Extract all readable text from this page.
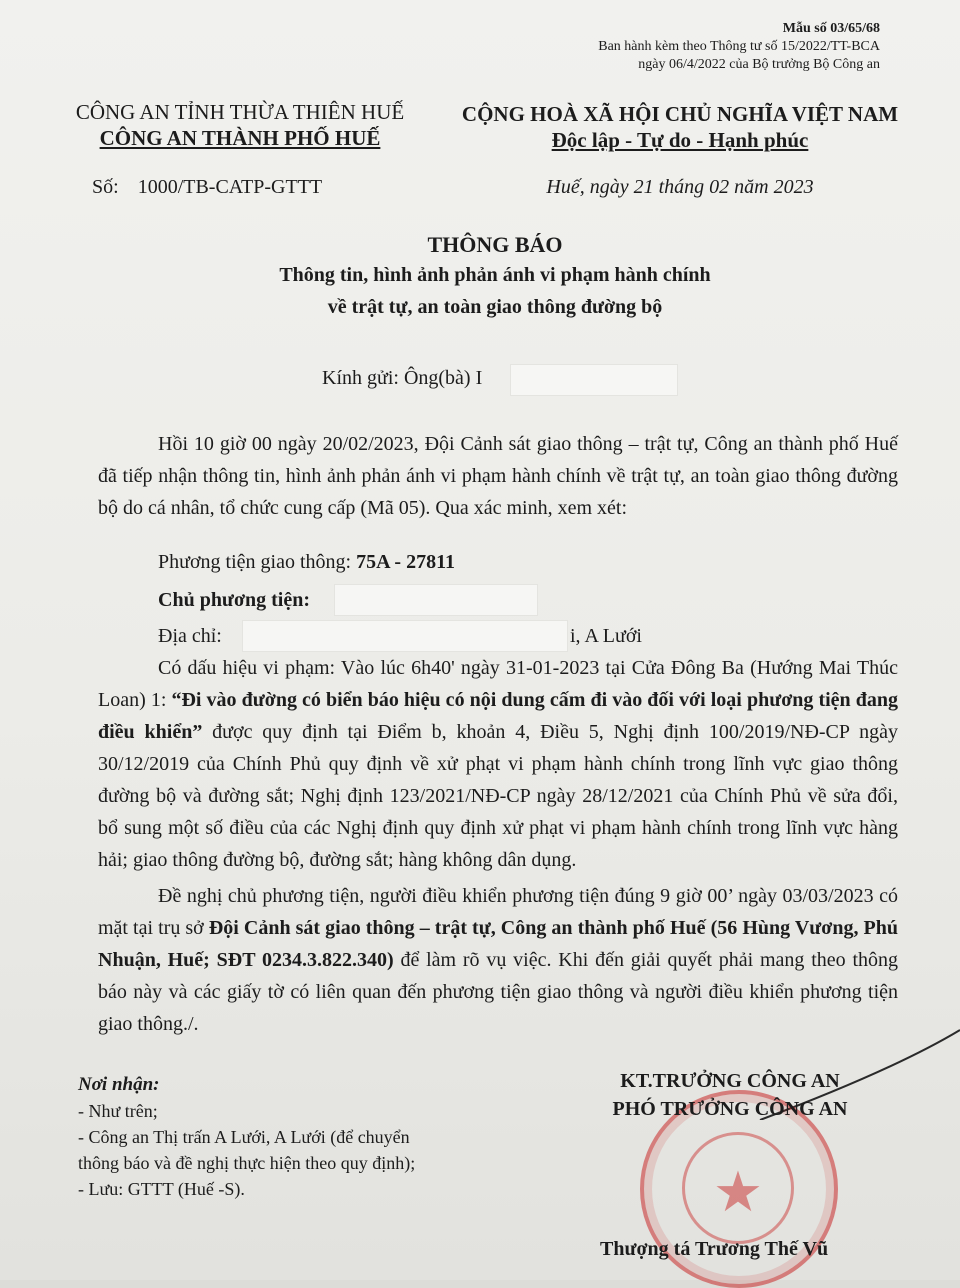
Mẫu số 03/65/68
Ban hành kèm theo Thông tư số 15/2022/TT-BCA
ngày 06/4/2022 của Bộ trưởng Bộ Công an
CÔNG AN TỈNH THỪA THIÊN HUẾ
CÔNG AN THÀNH PHỐ HUẾ
Số: 1000/TB-CATP-GTTT
CỘNG HOÀ XÃ HỘI CHỦ NGHĨA VIỆT NAM
Độc lập - Tự do - Hạnh phúc
Huế, ngày 21 tháng 02 năm 2023
THÔNG BÁO
Thông tin, hình ảnh phản ánh vi phạm hành chính
về trật tự, an toàn giao thông đường bộ
Kính gửi: Ông(bà) I
Hồi 10 giờ 00 ngày 20/02/2023, Đội Cảnh sát giao thông – trật tự, Công an thành phố Huế đã tiếp nhận thông tin, hình ảnh phản ánh vi phạm hành chính về trật tự, an toàn giao thông đường bộ do cá nhân, tổ chức cung cấp (Mã 05). Qua xác minh, xem xét:
Phương tiện giao thông: 75A - 27811
Chủ phương tiện:
Địa chỉ:	i, A Lưới
Có dấu hiệu vi phạm: Vào lúc 6h40' ngày 31-01-2023 tại Cửa Đông Ba (Hướng Mai Thúc Loan) 1: “Đi vào đường có biển báo hiệu có nội dung cấm đi vào đối với loại phương tiện đang điều khiển” được quy định tại Điểm b, khoản 4, Điều 5, Nghị định 100/2019/NĐ-CP ngày 30/12/2019 của Chính Phủ quy định về xử phạt vi phạm hành chính trong lĩnh vực giao thông đường bộ và đường sắt; Nghị định 123/2021/NĐ-CP ngày 28/12/2021 của Chính Phủ về sửa đổi, bổ sung một số điều của các Nghị định quy định xử phạt vi phạm hành chính trong lĩnh vực hàng hải; giao thông đường bộ, đường sắt; hàng không dân dụng.
Đề nghị chủ phương tiện, người điều khiển phương tiện đúng 9 giờ 00’ ngày 03/03/2023 có mặt tại trụ sở Đội Cảnh sát giao thông – trật tự, Công an thành phố Huế (56 Hùng Vương, Phú Nhuận, Huế; SĐT 0234.3.822.340) để làm rõ vụ việc. Khi đến giải quyết phải mang theo thông báo này và các giấy tờ có liên quan đến phương tiện giao thông và người điều khiển phương tiện giao thông./.
Nơi nhận:
- Như trên;
- Công an Thị trấn A Lưới, A Lưới (để chuyển
thông báo và đề nghị thực hiện theo quy định);
- Lưu: GTTT (Huế -S).	★
KT.TRƯỞNG CÔNG AN
PHÓ TRƯỞNG CÔNG AN
Thượng tá Trương Thế Vũ
